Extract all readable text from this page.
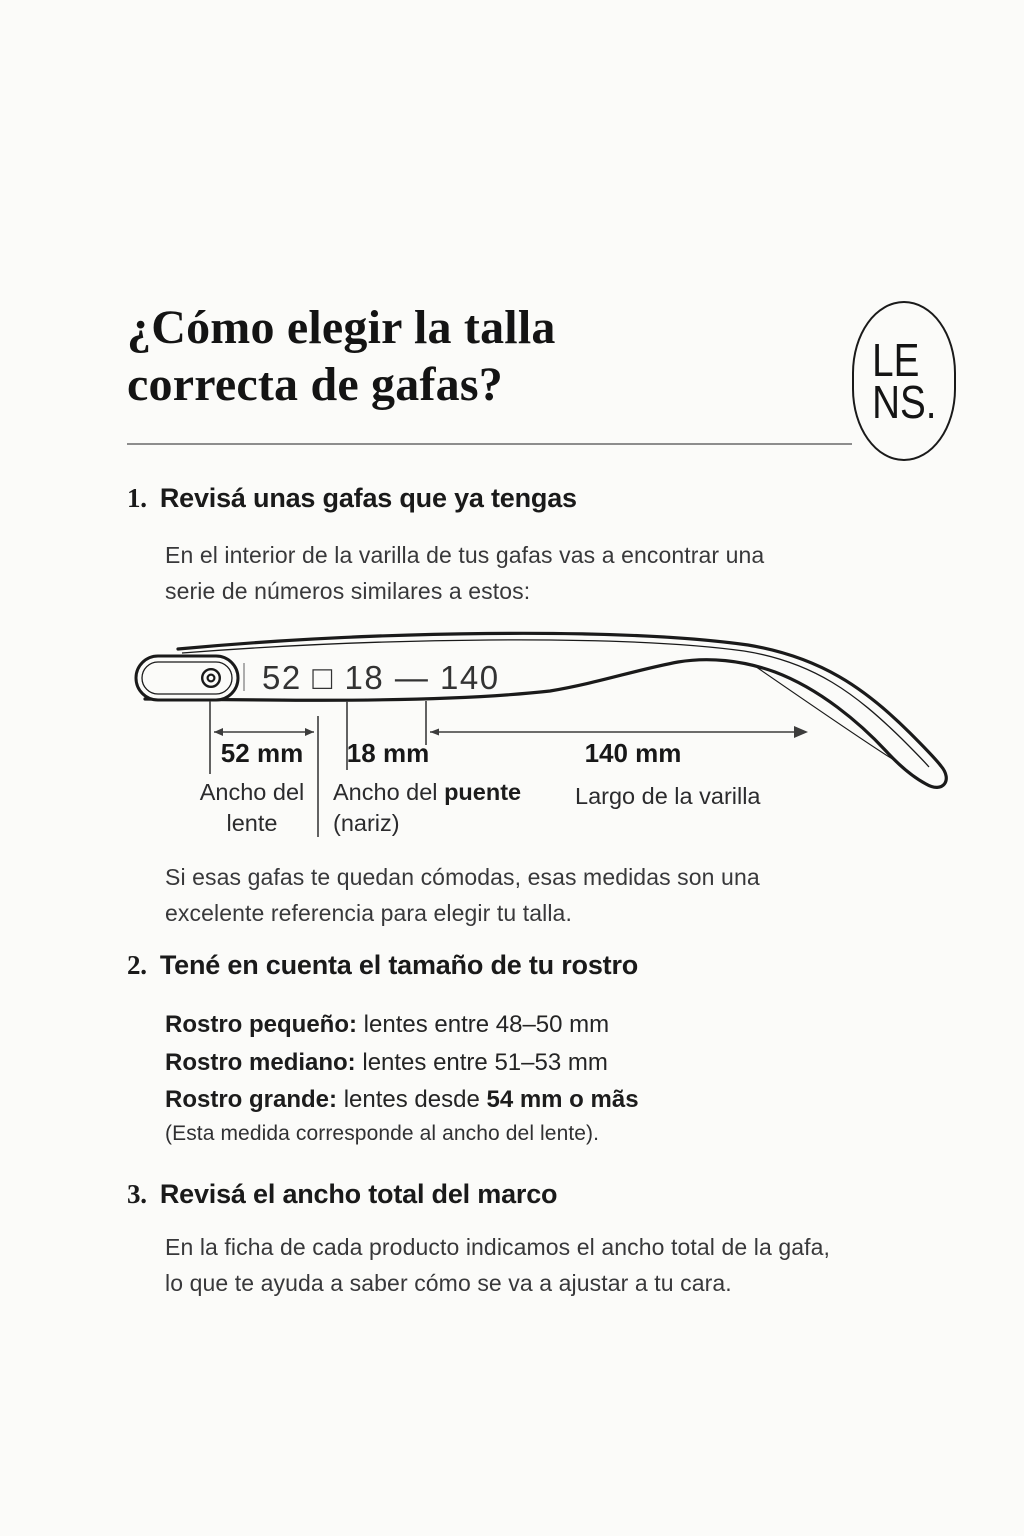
¿Cómo elegir la talla
correcta de gafas?	LE
NS.
1. Revisá unas gafas que ya tengas
En el interior de la varilla de tus gafas vas a encontrar una
serie de números similares a estos:
52 □ 18 — 140
52 mm 18 mm	140 mm
Ancho del
lente
Ancho del puente
(nariz)
Largo de la varilla
Si esas gafas te quedan cómodas, esas medidas son una
excelente referencia para elegir tu talla.
2. Tené en cuenta el tamaño de tu rostro
Rostro pequeño: lentes entre 48–50 mm
Rostro mediano: lentes entre 51–53 mm
Rostro grande: lentes desde 54 mm o mãs
(Esta medida corresponde al ancho del lente).
3. Revisá el ancho total del marco
En la ficha de cada producto indicamos el ancho total de la gafa,
lo que te ayuda a saber cómo se va a ajustar a tu cara.
